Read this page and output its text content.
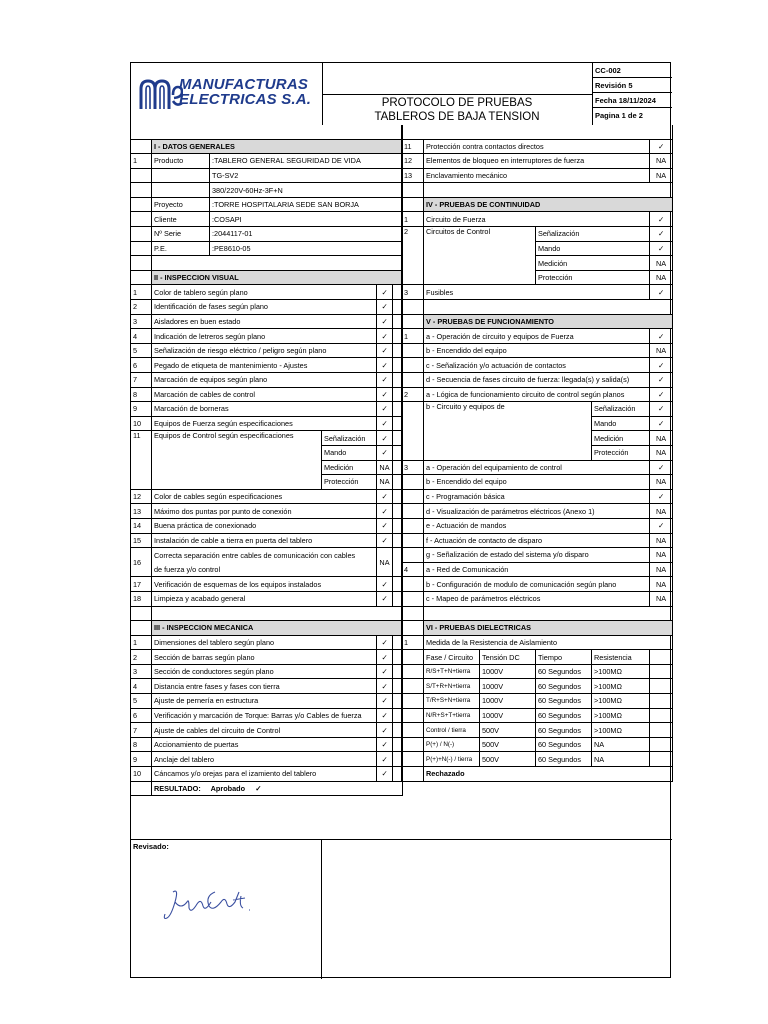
MANUFACTURAS
ELECTRICAS S.A.	PROTOCOLO DE PRUEBAS
TABLEROS DE BAJA TENSION
CC-002
Revisión 5
Fecha 18/11/2024
Pagina 1 de 2

	I - DATOS GENERALES				
1	Producto	:TABLERO GENERAL SEGURIDAD DE VIDA			
		TG-SV2			
		380/220V-60Hz-3F+N			
	Proyecto	:TORRE HOSPITALARIA SEDE SAN BORJA			
	Cliente	:COSAPI			
	Nº Serie	:2044117-01			
	P.E.	:PE8610-05			

	II - INSPECCION VISUAL				
1	Color de tablero según plano			✓	
2	Identificación de fases según plano			✓	
3	Aisladores en buen estado			✓	
4	Indicación de letreros según plano			✓	
5	Señalización de riesgo eléctrico / peligro según plano			✓	
6	Pegado de etiqueta de mantenimiento - Ajustes			✓	
7	Marcación de equipos según plano			✓	
8	Marcación de cables de control			✓	
9	Marcación de borneras			✓	
10	Equipos de Fuerza según especificaciones			✓	
11	Equipos de Control según especificaciones		Señalización	✓	
			Mando	✓	
			Medición	NA	
			Protección	NA	
12	Color de cables según especificaciones			✓	
13	Máximo dos puntas por punto de conexión			✓	
14	Buena práctica de conexionado			✓	
15	Instalación de cable a tierra en puerta del tablero			✓	
16	Correcta separación entre cables de comunicación con cables			NA	
	de fuerza y/o control				
17	Verificación de esquemas de los equipos instalados			✓	
18	Limpieza y acabado general			✓	

	III - INSPECCION MECANICA				
1	Dimensiones del tablero según plano			✓	
2	Sección de barras según plano			✓	
3	Sección de conductores según plano			✓	
4	Distancia entre fases y fases con tierra			✓	
5	Ajuste de pernería en estructura			✓	
6	Verificación y marcación de Torque: Barras y/o Cables de fuerza			✓	
7	Ajuste de cables del circuito de Control			✓	
8	Accionamiento de puertas			✓	
9	Anclaje del tablero			✓	
10	Cáncamos y/o orejas para el izamiento del tablero			✓	
	RESULTADO: Aprobado ✓				

11	Protección contra contactos directos				✓
12	Elementos de bloqueo en interruptores de fuerza				NA
13	Enclavamiento mecánico				NA

	IV - PRUEBAS DE CONTINUIDAD				
1	Circuito de Fuerza				✓
2	Circuitos de Control		Señalización		✓
			Mando		✓
			Medición		NA
			Protección		NA
3	Fusibles				✓

	V - PRUEBAS DE FUNCIONAMIENTO				
1	a - Operación de circuito y equipos de Fuerza				✓
	b - Encendido del equipo				NA
	c - Señalización y/o actuación de contactos				✓
	d - Secuencia de fases circuito de fuerza: llegada(s) y salida(s)				✓
2	a - Lógica de funcionamiento circuito de control según planos				✓
	b - Circuito y equipos de			Señalización	✓
				Mando	✓
				Medición	NA
				Protección	NA
3	a - Operación del equipamiento de control				✓
	b - Encendido del equipo				NA
	c - Programación básica				✓
	d - Visualización de parámetros eléctricos (Anexo 1)				NA
	e - Actuación de mandos				✓
	f - Actuación de contacto de disparo				NA
	g - Señalización de estado del sistema y/o disparo				NA
4	a - Red de Comunicación				NA
	b - Configuración de modulo de comunicación según plano				NA
	c - Mapeo de parámetros eléctricos				NA

	VI - PRUEBAS DIELECTRICAS				
1	Medida de la Resistencia de Aislamiento				
	Fase / Circuito	Tensión DC	Tiempo	Resistencia	
	R/S+T+N+tierra	1000V	60 Segundos	>100MΩ	
	S/T+R+N+tierra	1000V	60 Segundos	>100MΩ	
	T/R+S+N+tierra	1000V	60 Segundos	>100MΩ	
	N/R+S+T+tierra	1000V	60 Segundos	>100MΩ	
	Control / tierra	500V	60 Segundos	>100MΩ	
	P(+) / N(-)	500V	60 Segundos	NA	
	P(+)+N(-) / tierra	500V	60 Segundos	NA	
	Rechazado				
Revisado:
